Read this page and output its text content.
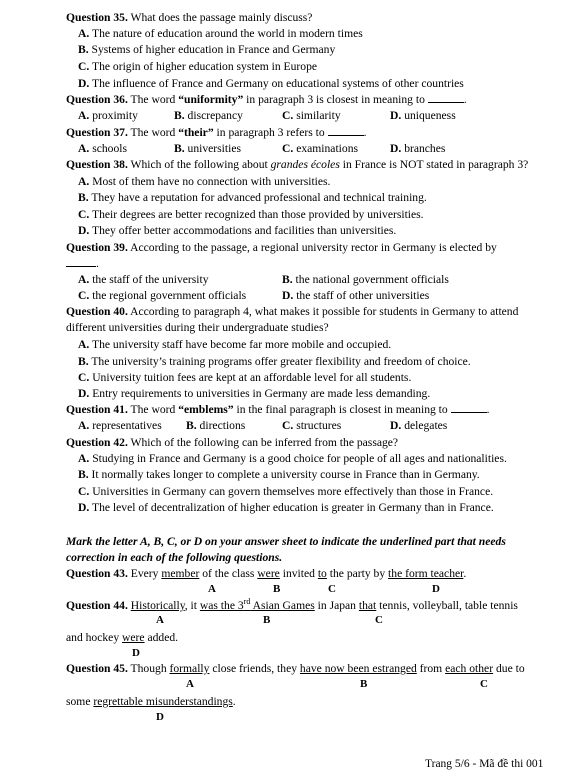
Question 35. What does the passage mainly discuss?
A. The nature of education around the world in modern times
B. Systems of higher education in France and Germany
C. The origin of higher education system in Europe
D. The influence of France and Germany on educational systems of other countries
Question 36. The word “uniformity” in paragraph 3 is closest in meaning to	.
A. proximity	B. discrepancy	C. similarity	D. uniqueness
Question 37. The word “their” in paragraph 3 refers to	.
A. schools	B. universities	C. examinations	D. branches
Question 38. Which of the following about grandes écoles in France is NOT stated in paragraph 3?
A. Most of them have no connection with universities.
B. They have a reputation for advanced professional and technical training.
C. Their degrees are better recognized than those provided by universities.
D. They offer better accommodations and facilities than universities.
Question 39. According to the passage, a regional university rector in Germany is elected by
.
A. the staff of the university	B. the national government officials
C. the regional government officials	D. the staff of other universities
Question 40. According to paragraph 4, what makes it possible for students in Germany to attend
different universities during their undergraduate studies?
A. The university staff have become far more mobile and occupied.
B. The university’s training programs offer greater flexibility and freedom of choice.
C. University tuition fees are kept at an affordable level for all students.
D. Entry requirements to universities in Germany are made less demanding.
Question 41. The word “emblems” in the final paragraph is closest in meaning to	.
A. representatives B. directions	C. structures	D. delegates
Question 42. Which of the following can be inferred from the passage?
A. Studying in France and Germany is a good choice for people of all ages and nationalities.
B. It normally takes longer to complete a university course in France than in Germany.
C. Universities in Germany can govern themselves more effectively than those in France.
D. The level of decentralization of higher education is greater in Germany than in France.
Mark the letter A, B, C, or D on your answer sheet to indicate the underlined part that needs
correction in each of the following questions.
Question 43. Every member of the class were invited to the party by the form teacher.
A	B	C	D
Question 44. Historically, it was the 3rd Asian Games in Japan that tennis, volleyball, table tennis
A	B	C
and hockey were added.
D
Question 45. Though formally close friends, they have now been estranged from each other due to
A	B	C
some regrettable misunderstandings.
D
Trang 5/6 - Mã đề thi 001
